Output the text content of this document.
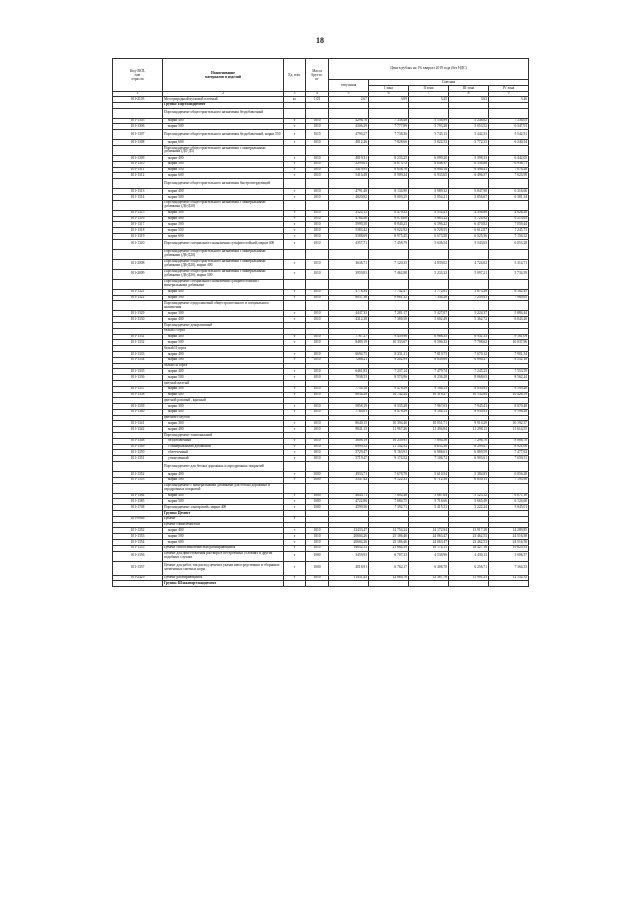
18
Код ОКП,
или
отрасли	Наименование
материалов и изделий	Ед. изм.	Масса
брутто,
кг	Цена в рублях на 1% квартал 2019 года (без НДС)				
				отпускная	Сметная			
					I зона	II зона	III зона	IV зона
1	2	3	4	5	6	7	8	9
101-2103	Мел природный кусковой плотный	кг	1,05	2,67	3,09	3,45	3,63	3,46
	Группа: Портландцемент							
	Портландцемент общестроительного назначения бездобавочный							
101-1305	марки 400	т	1010	4296,76	7 338,46	5 136,99	5 246,62	7 336,05
101-1306	марки 500	т	1010	4306,29	7 777,89	5 793,28	5 053,52	6 347,91
101-1307	Портландцемент общестроительного назначения бездобавочный, марки 550	т	1010	4790,27	7 738,36	5 745,13	5 442,53	5 542,91
101-1308	марки 600	т	1010	4812,26	7 828,66	5 822,53	5 772,33	6 240,54
	Портландцемент общестроительного назначения с минеральными добавками (ДО-Д5)							
101-1309	марки 400	т	1010	4819,31	8 233,25	6 099,20	5 398,33	6 442,05
101-1310	марки 500	т	1010	5299,61	8 673,72	6 648,37	6 336,88	6 936,71
101-1311	марки 550	т	1010	5419,93	8 658,78	6 804,18	6 496,41	7 074,28
101-1312	марки 600	т	1010	5416,49	8 909,24	6 933,65	6 496,57	7 023,99
	Портландцемент общестроительного назначения быстротвердеющий							
101-1313	марки 400	т	1010	4791,40	8 134,90	5 989,32	5 847,90	6 316,66
101-1314	марки 500	т	1010	4820,82	8 003,25	5 954,21	5 856,67	6 381,34
	Портландцемент общестроительного назначения с минеральными добавками (Д6-Д20)							
101-1315	марки 300	т	1010	3322,13	6 479,32	4 552,41	4 398,86	4 826,28
101-1316	марки 400	т	1010	4784,48	8 074,00	5 883,32	5 724,92	6 213,63
101-1317	марки 500	т	1010	5999,30	8 840,23	6 596,22	6 470,82	7 059,44
101-1318	марки 550	т	1010	5383,42	9 022,92	6 728,55	6 612,87	7 245,73
101-1319	марки 600	т	1010	5588,69	8 975,45	6 673,50	6 525,56	7 156,52
101-1320	Портландцемент специального назначения сульфатостойкий, марки 400	т	1010	4357,71	7 458,79	5 636,54	5 543,63	6 053,28
	Портландцемент общестроительного назначения с минеральными добавками (Д6-Д20)							
101-2008	Портландцемент общестроительного назначения с минеральными добавками (Д6-Д20), марки 400	т	1010	3636,71	7 120,35	4 839,02	4 724,02	5 314,71
101-2009	Портландцемент общестроительного назначения с минеральными добавками (Д6-Д20), марки 500	т	1010	3959,83	7 462,88	5 233,32	5 097,21	5 734,59
	Портландцемент специального назначения сульфатостойкий с минеральными добавками							
101-1321	марки 400	т	1010	4778,34	7 742,47	5 772,61	5 673,26	6 182,45
101-1322	марки 500	т	1010	6037,38	9 881,32	7 344,28	7 239,41	7 960,65
	Портландцемент пуццолановый общестроительного и специального назначения							
101-1329	марки 300	т	1010	4447,33	7 281,17	5 427,07	5 224,37	5 884,44
101-1330	марки 400	т	1010	4312,38	7 380,58	5 602,49	5 362,72	6 043,28
	Портландцемент декоративный							
	белый I сорта							
101-1331	марки 400	т	1010	7767,27	9 439,96	6 966,35	6 931,33	9 161,09
101-1332	марки 500	т	1010	8489,19	10 333,67	9 506,32	7 708,62	10 037,96
	белый II сорта							
101-1333	марки 400	т	1010	6694,75	8 331,11	7 819,73	7 670,12	7 901,34
101-1334	марки 500	т	1010	7266,21	9 202,99	8 839,69	6 890,27	8 552,16
	белый III сорта							
101-1335	марки 400	т	1010	6461,83	7 237,14	7 479,74	7 245,23	7 553,59
101-1336	марки 500	т	1010	7038,53	8 574,96	8 236,28	8 068,63	8 562,24
	цветной желтый							
101-1337	марки 300	т	1010	7754,16	9 478,29	9 104,13	8 930,93	9 199,26
101-1338	марки 400	т	1010	8834,28	10 742,44	10 318,27	10 132,84	10 426,19
	цветной розовый , красный							
101-1339	марки 300	т	1010	5858,19	8 335,28	7 967,03	7 945,41	8 070,48
101-1340	марки 400	т	1010	7764,61	9 478,29	9 104,13	8 930,93	9 196,26
	цветной голубой							
101-1341	марки 300	т	1010	8640,15	10 394,40	10 051,71	9 910,29	10 192,57
101-1342	марки 400	т	1010	9841,15	11 967,26	11 494,84	11 298,13	11 614,55
	Портландцемент тампонажный							
101-1348	бездобавочный	т	1010	3608,19	10 239,95	7 894,56	7 296,70	8 068,70
101-1349	с минеральными добавками	т	1010	6999,52	11 342,92	8 633,36	8 299,47	8 921,06
101-1350	облегченный	т	1010	5729,47	9 163,91	6 986,61	6 869,59	7 477,63
101-1351	утяжеленный	т	1010	5719,47	9 174,52	7 106,72	6 903,61	7 659,51
	Портландцемент для бетона дорожных и аэродромных покрытий							
101-1352	марки 400	т	1000	4933,71	7 678,78	5 610,54	5 384,83	6 056,28
101-1353	марки 500	т	1000	5547,42	9 122,33	6 712,38	6 650,15	7 193,90
	Портландцемент с минеральными добавками для бетона дорожных и аэродромных покрытий							
101-1384	марки 400	т	1000	4643,71	7 602,48	5 667,64	5 523,12	6 071,18
101-1385	марки 500	т	1000	4722,86	7 684,75	5 716,66	5 665,49	6 124,60
101-1748	Портландцемент «ангарский» марки 400	т	1000	4599,56	7 392,71	5 415,53	5 222,24	5 845,01
	Группа: Цемент							
101-0946	Цемент	т						
	Цемент глиноземистый							
101-1352	марки 400	т	1010	12433,47	14 754,24	14 172,94	13 917,10	14 289,85
101-1353	марки 500	т	1010	20604,26	25 186,46	24 063,47	23 462,53	24 516,58
101-1354	марки 600	т	1010	20604,26	25 186,46	24 063,47	23 462,53	24 516,58
101-1355	Цемент гипсоглиноземистый расширяющийся	т	1010	16652,53	21 664,39	16 174,15	18 427,16	19 825,53
101-1356	Цемент для приготовления раствора в построечных условиях и других подобных случаях	т	1000	3459,93	6 707,33	4 538,96	4 430,13	5 006,57
101-1357	Цемент для работ, так расход цемента указан непосредственно в сборниках элементных сметных норм	т	1000	4018,91	6 762,17	6 408,70	6 256,71	7 364,33
101-2429	Цемент расширяющийся	т	1010	11431,43	12 664,76	12 367,76	11 991,25	12 152,33
	Группа: Шлакопортландцемент							
